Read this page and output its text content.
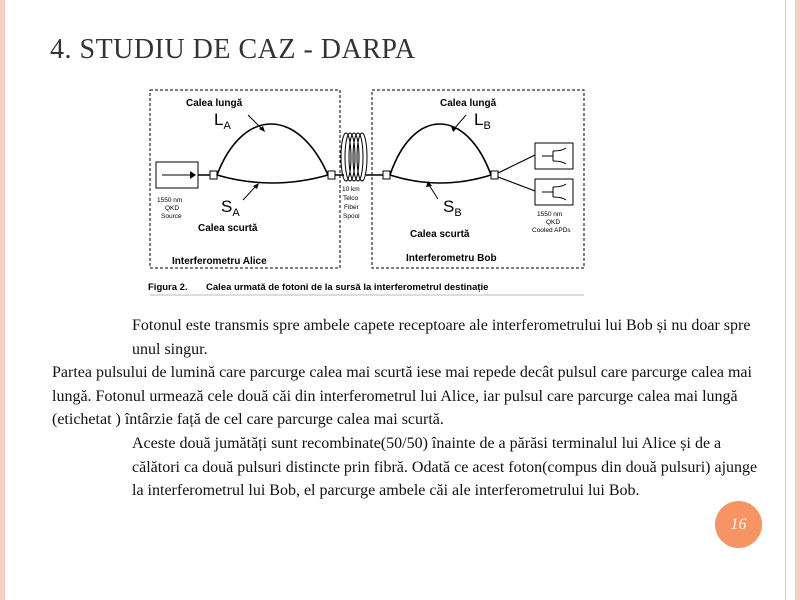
4. STUDIU DE CAZ - DARPA
Calea lungă
$L_A$
$S_A$
Calea scurtă
1550 nm
QKD
Source
Interferometru Alice
10 km
Telco
Fiber
Spool
Calea lungă
$L_B$
$S_B$
Calea scurtă
1550 nm
QKD
Cooled APDs
Interferometru Bob
Figura 2. Calea urmată de fotoni de la sursă la interferometrul destinație

Fotonul este transmis spre ambele capete receptoare ale interferometrului lui Bob și nu doar spre unul singur.

Partea pulsului de lumină care parcurge calea mai scurtă iese mai repede decât pulsul care parcurge calea mai lungă. Fotonul urmează cele două căi din interferometrul lui Alice, iar pulsul care parcurge calea mai lungă (etichetat ) întârzie față de cel care parcurge calea mai scurtă.

Aceste două jumătăți sunt recombinate(50/50) înainte de a părăsi terminalul lui Alice și de a călători ca două pulsuri distincte prin fibră. Odată ce acest foton(compus din două pulsuri) ajunge la interferometrul lui Bob, el parcurge ambele căi ale interferometrului lui Bob.

16
